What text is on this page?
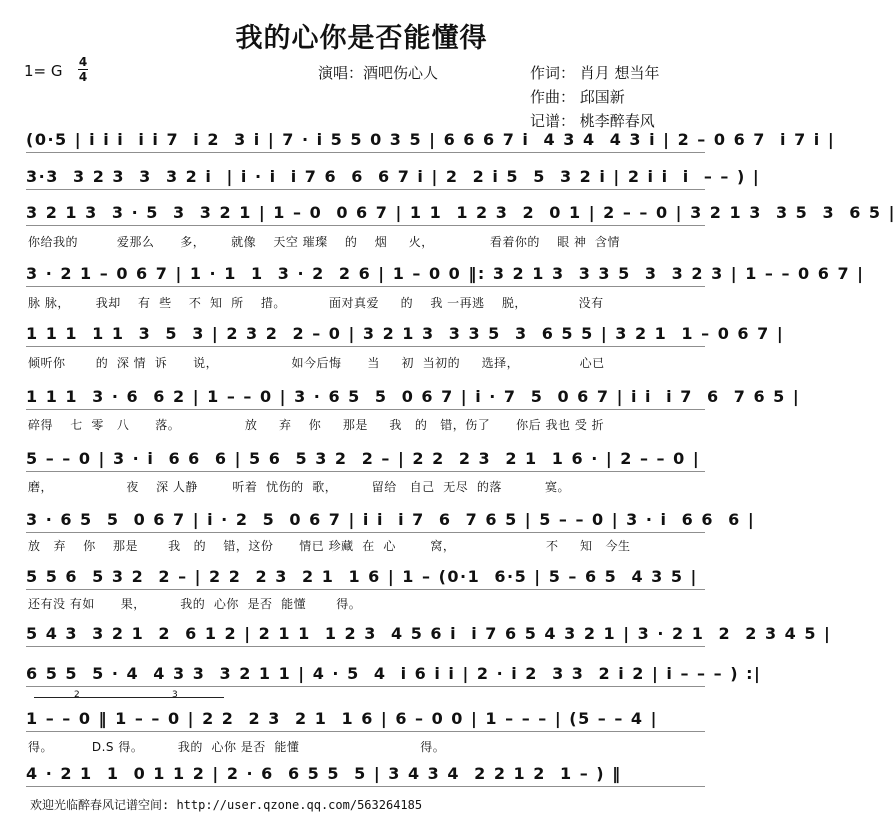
我的心你是否能懂得
1= G 4
4	演唱：酒吧伤心人	作词： 肖月 想当年
作曲： 邱国新
记谱： 桃李醉春风
(0·5 | i i i  i i 7  i 2  3 i | 7 · i 5 5 0 3 5 | 6 6 6 7 i  4 3 4  4 3 i | 2 – 0 6 7  i 7 i |
3·3  3 2 3  3  3 2 i  | i · i  i 7 6  6  6 7 i | 2  2 i 5  5  3 2 i | 2 i i  i  – – ) |
3 2 1 3  3 · 5  3  3 2 1 | 1 – 0  0 6 7 | 1 1  1 2 3  2  0 1 | 2 – – 0 | 3 2 1 3  3 5  3  6 5 |
你给我的         爱那么      多，      就像    天空 璀璨    的    烟     火，             看着你的    眼 神  含情
3 · 2 1 – 0 6 7 | 1 · 1  1  3 · 2  2 6 | 1 – 0 0 ‖: 3 2 1 3  3 3 5  3  3 2 3 | 1 – – 0 6 7 |
脉 脉，      我却    有  些    不  知  所    措。          面对真爱     的    我 一再逃    脱，            没有
1 1 1  1 1  3  5  3 | 2 3 2  2 – 0 | 3 2 1 3  3 3 5  3  6 5 5 | 3 2 1  1 – 0 6 7 |
倾听你       的  深 情  诉      说，                 如今后悔      当     初  当初的     选择，              心已
1 1 1  3 · 6  6 2 | 1 – – 0 | 3 · 6 5  5  0 6 7 | i · 7  5  0 6 7 | i i  i 7  6  7 6 5 |
碎得    七  零   八      落。               放     弃    你     那是     我   的   错，伤了      你后 我也 受 折
5 – – 0 | 3 · i  6 6  6 | 5 6  5 3 2  2 – | 2 2  2 3  2 1  1 6 · | 2 – – 0 |
磨，                 夜    深 人静        听着  忧伤的  歌，        留给   自己  无尽  的落          寞。
3 · 6 5  5  0 6 7 | i · 2  5  0 6 7 | i i  i 7  6  7 6 5 | 5 – – 0 | 3 · i  6 6  6 |
放   弃    你    那是       我   的    错，这份      情已 珍藏  在  心        窝，                     不     知   今生
5 5 6  5 3 2  2 – | 2 2  2 3  2 1  1 6 | 1 – (0·1  6·5 | 5 – 6 5  4 3 5 |
还有没 有如      果，        我的  心你  是否  能懂       得。
5 4 3  3 2 1  2  6 1 2 | 2 1 1  1 2 3  4 5 6 i  i 7 6 5 4 3 2 1 | 3 · 2 1  2  2 3 4 5 |
6 5 5  5 · 4  4 3 3  3 2 1 1 | 4 · 5  4  i 6 i i | 2 · i 2  3 3  2 i 2 | i – – – ) :|
2	3
1 – – 0 ‖ 1 – – 0 | 2 2  2 3  2 1  1 6 | 6 – 0 0 | 1 – – – | (5 – – 4 |
得。         D.S 得。        我的  心你 是否  能懂                            得。
4 · 2 1  1  0 1 1 2 | 2 · 6  6 5 5  5 | 3 4 3 4  2 2 1 2  1 – ) ‖
欢迎光临醉春风记谱空间: http://user.qzone.qq.com/563264185
